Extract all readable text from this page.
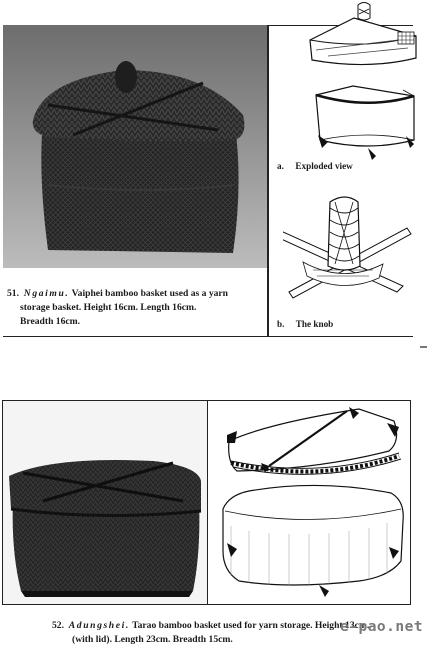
51. Ngaimu. Vaiphei bamboo basket used as a yarn
storage basket. Height 16cm. Length 16cm.
Breadth 16cm.
a. Exploded view
b. The knob
52. Adungshei. Tarao bamboo basket used for yarn storage. Height 13cm.
(with lid). Length 23cm. Breadth 15cm.
e-pao.net
